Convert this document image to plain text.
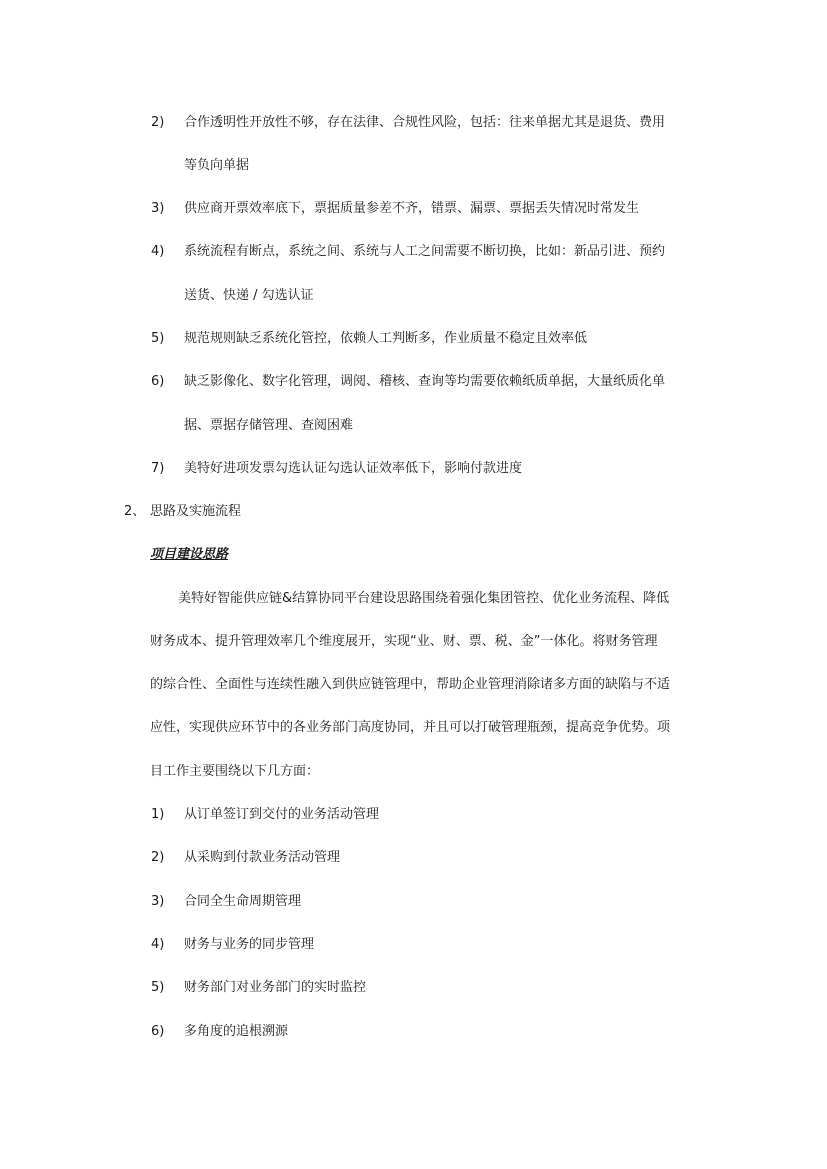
2) 合作透明性开放性不够，存在法律、合规性风险，包括：往来单据尤其是退货、费用
等负向单据
3) 供应商开票效率底下，票据质量参差不齐，错票、漏票、票据丢失情况时常发生
4) 系统流程有断点，系统之间、系统与人工之间需要不断切换，比如：新品引进、预约
送货、快递 / 勾选认证
5) 规范规则缺乏系统化管控，依赖人工判断多，作业质量不稳定且效率低
6) 缺乏影像化、数字化管理，调阅、稽核、查询等均需要依赖纸质单据，大量纸质化单
据、票据存储管理、查阅困难
7) 美特好进项发票勾选认证勾选认证效率低下，影响付款进度
2、 思路及实施流程
项目建设思路
美特好智能供应链&结算协同平台建设思路围绕着强化集团管控、优化业务流程、降低
财务成本、提升管理效率几个维度展开，实现“业、财、票、税、金”一体化。将财务管理
的综合性、全面性与连续性融入到供应链管理中，帮助企业管理消除诸多方面的缺陷与不适
应性，实现供应环节中的各业务部门高度协同，并且可以打破管理瓶颈，提高竞争优势。项
目工作主要围绕以下几方面：
1) 从订单签订到交付的业务活动管理
2) 从采购到付款业务活动管理
3) 合同全生命周期管理
4) 财务与业务的同步管理
5) 财务部门对业务部门的实时监控
6) 多角度的追根溯源
